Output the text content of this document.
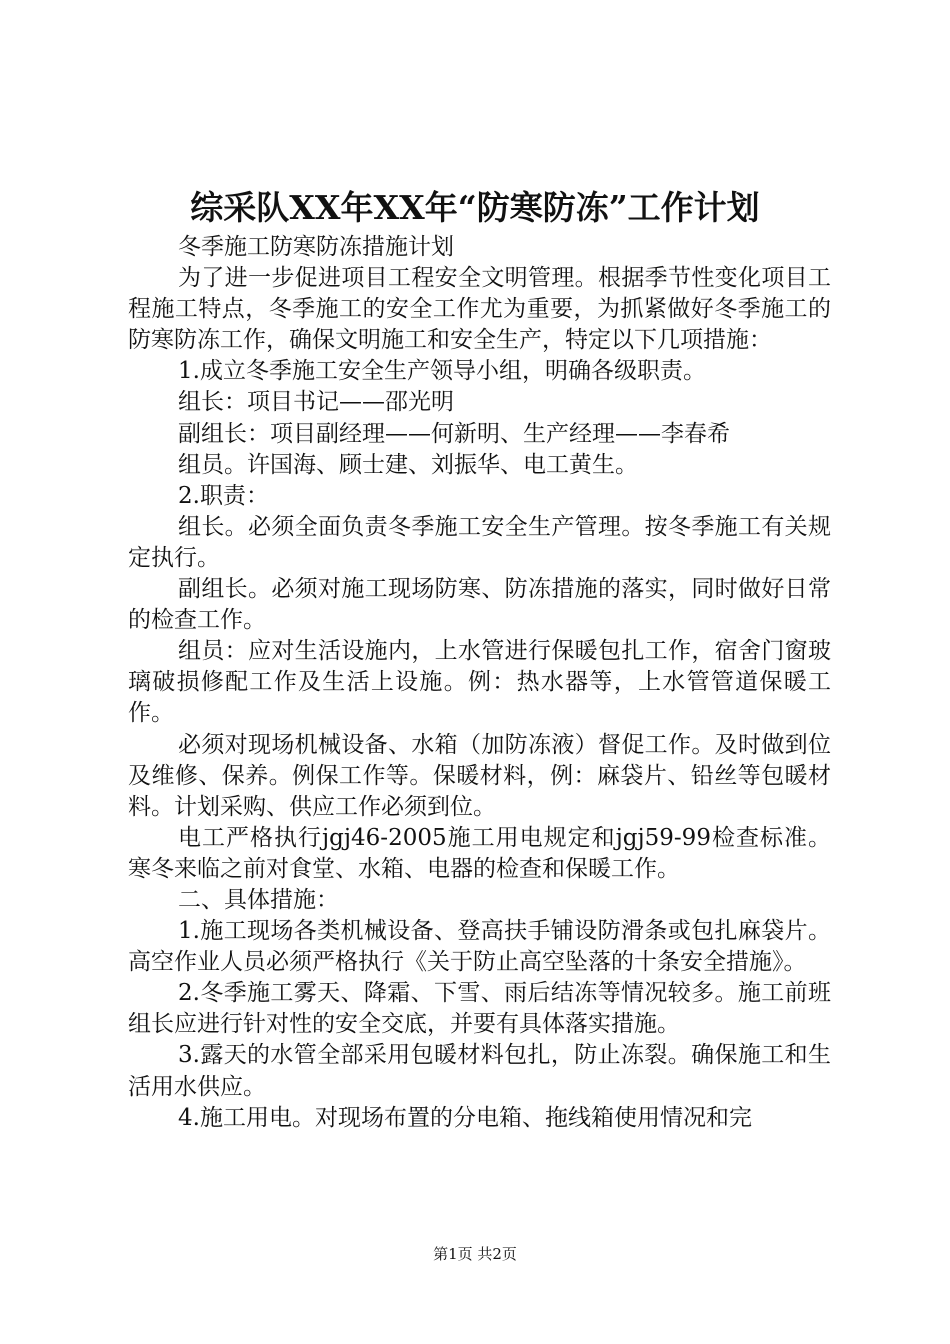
综采队XX年XX年“防寒防冻”工作计划

冬季施工防寒防冻措施计划

为了进一步促进项目工程安全文明管理。根据季节性变化项目工程施工特点，冬季施工的安全工作尤为重要，为抓紧做好冬季施工的防寒防冻工作，确保文明施工和安全生产，特定以下几项措施：

1.成立冬季施工安全生产领导小组，明确各级职责。

组长：项目书记——邵光明

副组长：项目副经理——何新明、生产经理——李春希

组员。许国海、顾士建、刘振华、电工黄生。

2.职责：

组长。必须全面负责冬季施工安全生产管理。按冬季施工有关规定执行。

副组长。必须对施工现场防寒、防冻措施的落实，同时做好日常的检查工作。

组员：应对生活设施内，上水管进行保暖包扎工作，宿舍门窗玻璃破损修配工作及生活上设施。例：热水器等，上水管管道保暖工作。

必须对现场机械设备、水箱（加防冻液）督促工作。及时做到位及维修、保养。例保工作等。保暖材料，例：麻袋片、铅丝等包暖材料。计划采购、供应工作必须到位。

电工严格执行jgj46-2005施工用电规定和jgj59-99检查标准。寒冬来临之前对食堂、水箱、电器的检查和保暖工作。

二、具体措施：

1.施工现场各类机械设备、登高扶手铺设防滑条或包扎麻袋片。高空作业人员必须严格执行《关于防止高空坠落的十条安全措施》。

2.冬季施工雾天、降霜、下雪、雨后结冻等情况较多。施工前班组长应进行针对性的安全交底，并要有具体落实措施。

3.露天的水管全部采用包暖材料包扎，防止冻裂。确保施工和生活用水供应。

4.施工用电。对现场布置的分电箱、拖线箱使用情况和完

第1页 共2页
